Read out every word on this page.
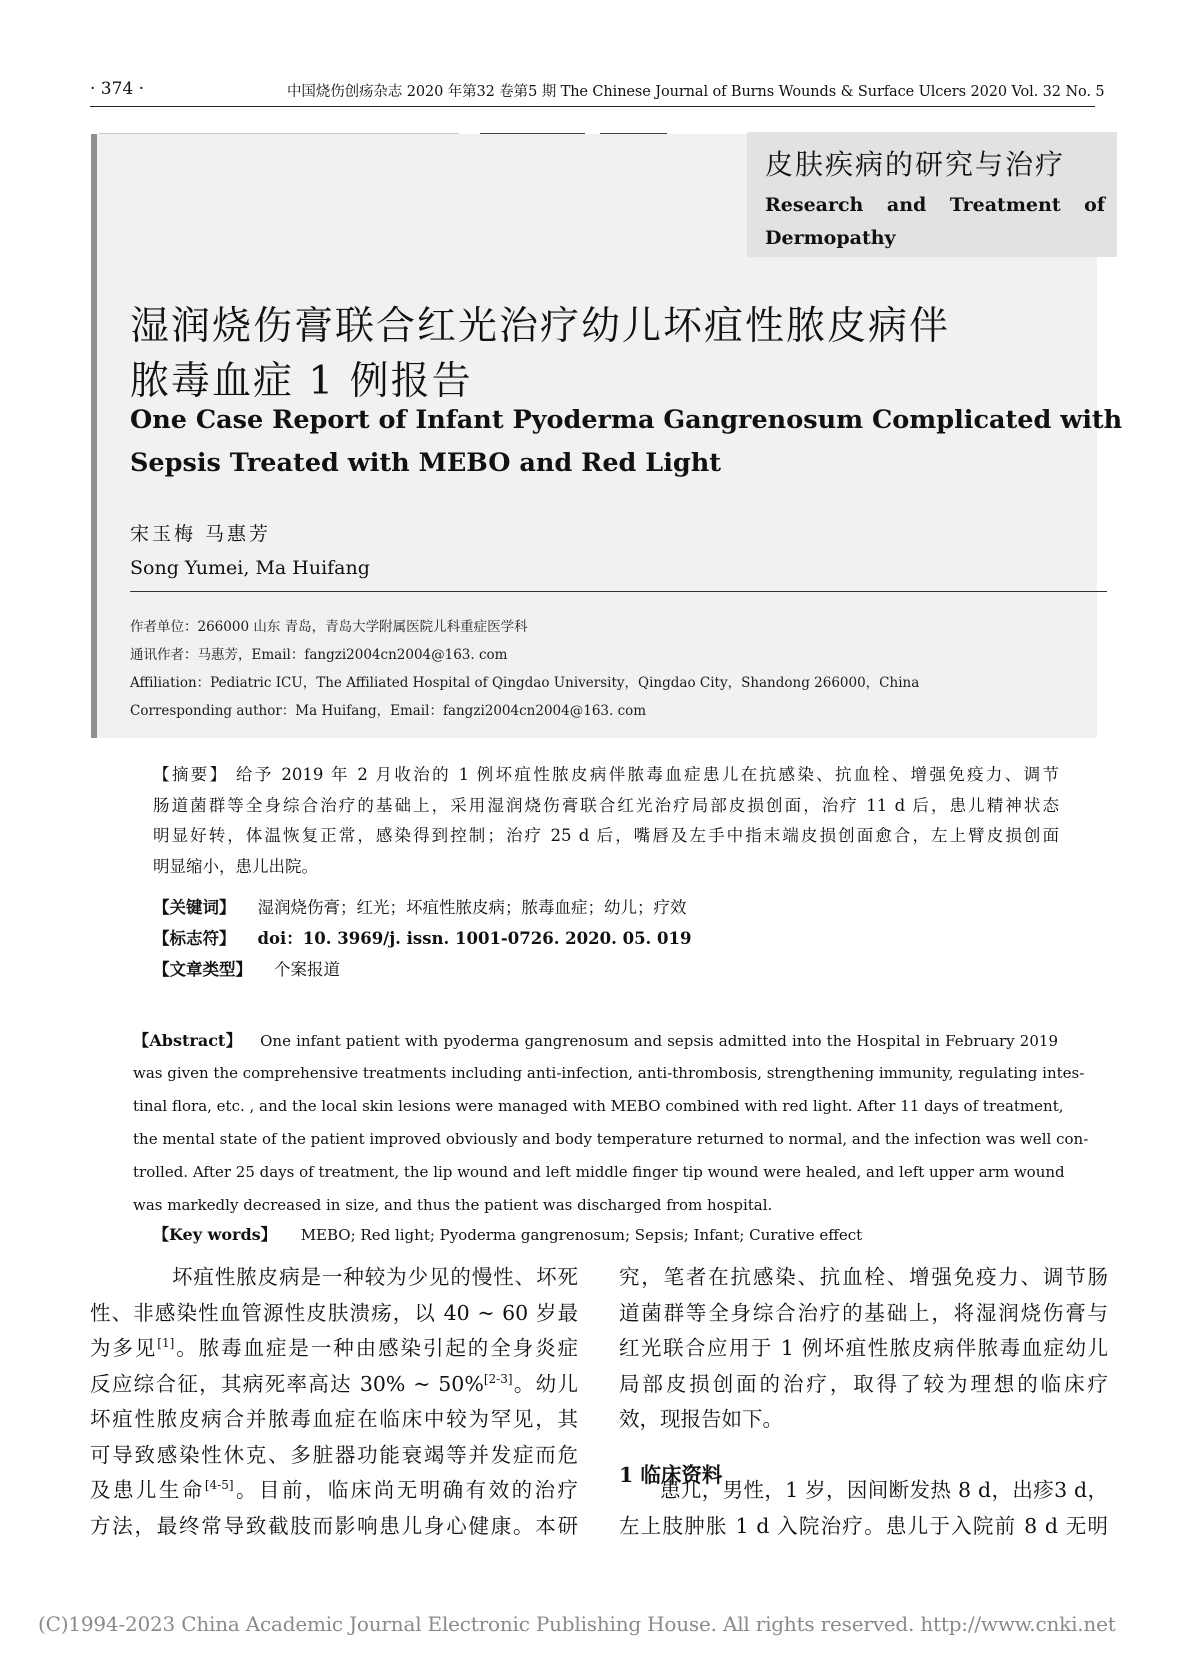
· 374 ·	中国烧伤创疡杂志 2020 年第32 卷第5 期 The Chinese Journal of Burns Wounds & Surface Ulcers 2020 Vol. 32 No. 5
皮肤疾病的研究与治疗
Research and Treatment of Dermopathy
湿润烧伤膏联合红光治疗幼儿坏疽性脓皮病伴
脓毒血症 1 例报告
One Case Report of Infant Pyoderma Gangrenosum Complicated with
Sepsis Treated with MEBO and Red Light
宋玉梅 马惠芳
Song Yumei, Ma Huifang
作者单位：266000 山东 青岛，青岛大学附属医院儿科重症医学科
通讯作者：马惠芳，Email：fangzi2004cn2004@163. com
Affiliation：Pediatric ICU，The Affiliated Hospital of Qingdao University，Qingdao City，Shandong 266000，China
Corresponding author：Ma Huifang，Email：fangzi2004cn2004@163. com
【摘要】 给予 2019 年 2 月收治的 1 例坏疽性脓皮病伴脓毒血症患儿在抗感染、抗血栓、增强免疫力、调节
肠道菌群等全身综合治疗的基础上，采用湿润烧伤膏联合红光治疗局部皮损创面，治疗 11 d 后，患儿精神状态
明显好转，体温恢复正常，感染得到控制；治疗 25 d 后，嘴唇及左手中指末端皮损创面愈合，左上臂皮损创面
明显缩小，患儿出院。
【关键词】 湿润烧伤膏；红光；坏疽性脓皮病；脓毒血症；幼儿；疗效
【标志符】 doi：10. 3969/j. issn. 1001-0726. 2020. 05. 019
【文章类型】 个案报道
【Abstract】 One infant patient with pyoderma gangrenosum and sepsis admitted into the Hospital in February 2019
was given the comprehensive treatments including anti-infection, anti-thrombosis, strengthening immunity, regulating intes-
tinal flora, etc. , and the local skin lesions were managed with MEBO combined with red light. After 11 days of treatment,
the mental state of the patient improved obviously and body temperature returned to normal, and the infection was well con-
trolled. After 25 days of treatment, the lip wound and left middle finger tip wound were healed, and left upper arm wound
was markedly decreased in size, and thus the patient was discharged from hospital.
【Key words】 MEBO; Red light; Pyoderma gangrenosum; Sepsis; Infant; Curative effect
坏疽性脓皮病是一种较为少见的慢性、坏死
性、非感染性血管源性皮肤溃疡，以 40 ~ 60 岁最
为多见[1]。脓毒血症是一种由感染引起的全身炎症
反应综合征，其病死率高达 30% ~ 50%[2-3]。幼儿
坏疽性脓皮病合并脓毒血症在临床中较为罕见，其
可导致感染性休克、多脏器功能衰竭等并发症而危
及患儿生命[4-5]。目前，临床尚无明确有效的治疗
方法，最终常导致截肢而影响患儿身心健康。本研
究，笔者在抗感染、抗血栓、增强免疫力、调节肠
道菌群等全身综合治疗的基础上，将湿润烧伤膏与
红光联合应用于 1 例坏疽性脓皮病伴脓毒血症幼儿
局部皮损创面的治疗，取得了较为理想的临床疗
效，现报告如下。
1 临床资料
患儿，男性，1 岁，因间断发热 8 d，出疹3 d，
左上肢肿胀 1 d 入院治疗。患儿于入院前 8 d 无明
(C)1994-2023 China Academic Journal Electronic Publishing House. All rights reserved. http://www.cnki.net
